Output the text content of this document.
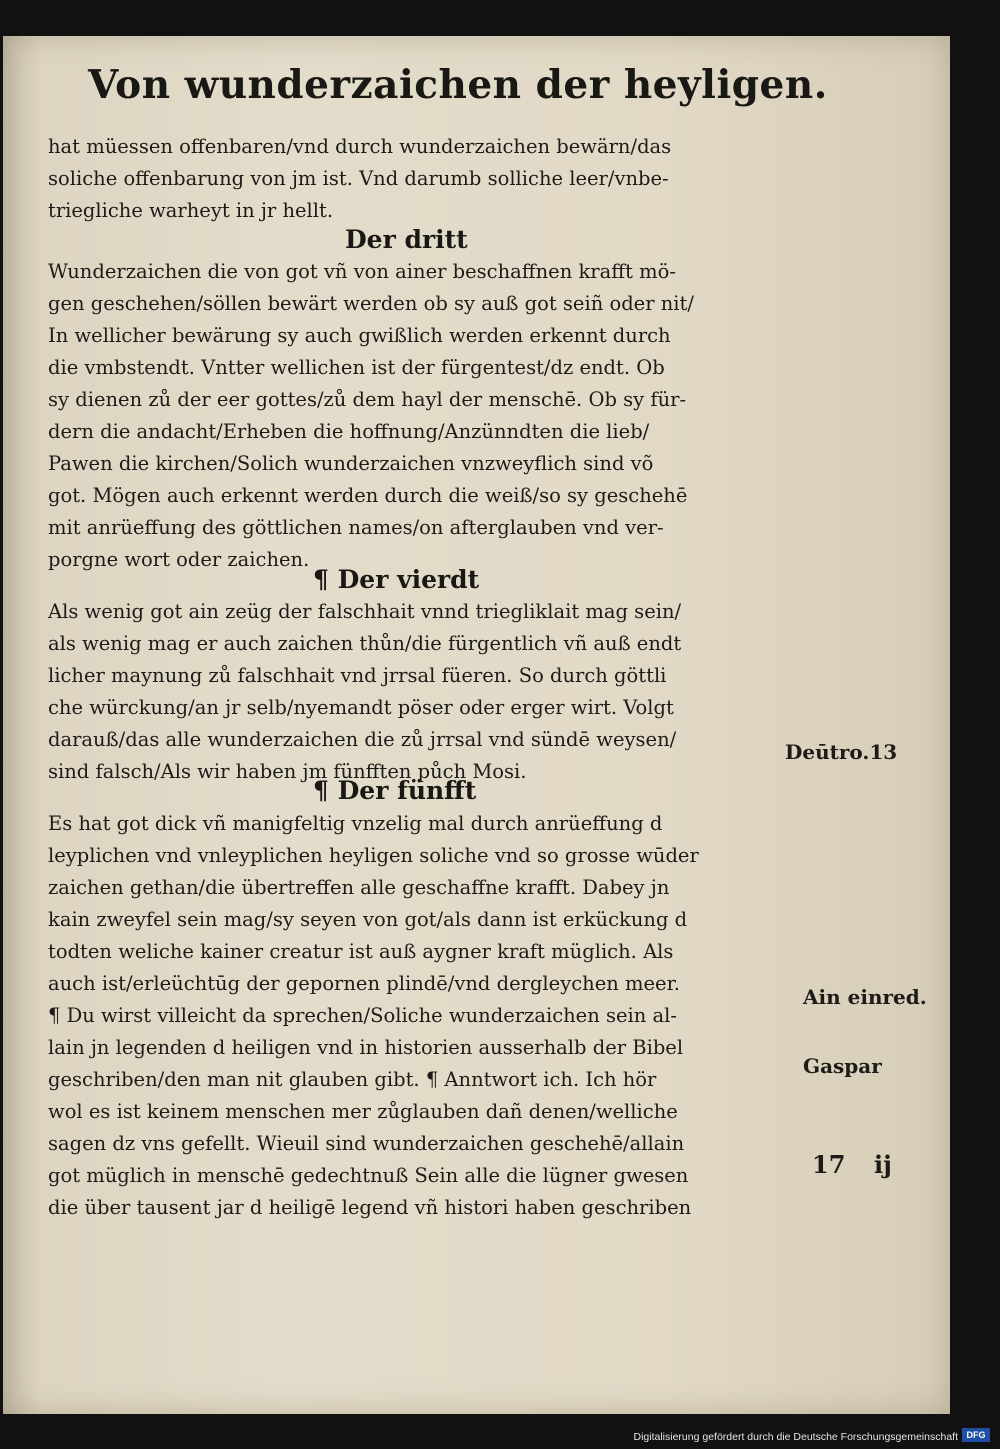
Von wunderzaichen der heyligen.
hat müessen offenbaren/vnd durch wunderzaichen bewärn/das
soliche offenbarung von jm ist. Vnd darumb solliche leer/vnbe-
triegliche warheyt in jr hellt.
Der dritt
Wunderzaichen die von got vñ von ainer beschaffnen krafft mö-
gen geschehen/söllen bewärt werden ob sy auß got seiñ oder nit/
In wellicher bewärung sy auch gwißlich werden erkennt durch
die vmbstendt. Vntter wellichen ist der fürgentest/dz endt. Ob
sy dienen zů der eer gottes/zů dem hayl der menschē. Ob sy für-
dern die andacht/Erheben die hoffnung/Anzünndten die lieb/
Pawen die kirchen/Solich wunderzaichen vnzweyflich sind võ
got. Mögen auch erkennt werden durch die weiß/so sy geschehē
mit anrüeffung des göttlichen names/on afterglauben vnd ver-
porgne wort oder zaichen.
¶ Der vierdt
Als wenig got ain zeüg der falschhait vnnd triegliklait mag sein/
als wenig mag er auch zaichen thůn/die fürgentlich vñ auß endt
licher maynung zů falschhait vnd jrrsal füeren. So durch göttli
che würckung/an jr selb/nyemandt pöser oder erger wirt. Volgt
darauß/das alle wunderzaichen die zů jrrsal vnd sündē weysen/
sind falsch/Als wir haben jm fünfften půch Mosi.
¶ Der fünfft
Es hat got dick vñ manigfeltig vnzelig mal durch anrüeffung d
leyplichen vnd vnleyplichen heyligen soliche vnd so grosse wūder
zaichen gethan/die übertreffen alle geschaffne krafft. Dabey jn
kain zweyfel sein mag/sy seyen von got/als dann ist erkückung d
todten weliche kainer creatur ist auß aygner kraft müglich. Als
auch ist/erleüchtūg der gepornen plindē/vnd dergleychen meer.
¶ Du wirst villeicht da sprechen/Soliche wunderzaichen sein al-
lain jn legenden d heiligen vnd in historien ausserhalb der Bibel
geschriben/den man nit glauben gibt. ¶ Anntwort ich. Ich hör
wol es ist keinem menschen mer zůglauben dañ denen/welliche
sagen dz vns gefellt. Wieuil sind wunderzaichen geschehē/allain
got müglich in menschē gedechtnuß Sein alle die lügner gwesen
die über tausent jar d heiligē legend vñ histori haben geschriben
Deūtro.13
Ain einred.
Gaspar
17 ij
Digitalisierung gefördert durch die Deutsche Forschungsgemeinschaft DFG
